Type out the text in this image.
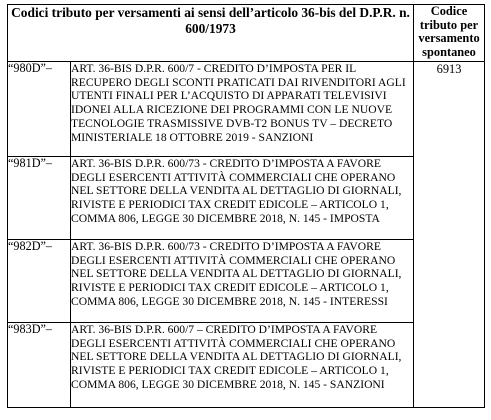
Codici tributo per versamenti ai sensi dell’articolo 36-bis del D.P.R. n. 600/1973		Codice tributo per versamento spontaneo
“980D”–	ART. 36-BIS D.P.R. 600/7 - CREDITO D’IMPOSTA PER IL RECUPERO DEGLI SCONTI PRATICATI DAI RIVENDITORI AGLI UTENTI FINALI PER L’ACQUISTO DI APPARATI TELEVISIVI IDONEI ALLA RICEZIONE DEI PROGRAMMI CON LE NUOVE TECNOLOGIE TRASMISSIVE DVB-T2 BONUS TV – DECRETO MINISTERIALE 18 OTTOBRE 2019 - SANZIONI	6913
“981D”–	ART. 36-BIS D.P.R. 600/73 - CREDITO D’IMPOSTA A FAVORE DEGLI ESERCENTI ATTIVITÀ COMMERCIALI CHE OPERANO NEL SETTORE DELLA VENDITA AL DETTAGLIO DI GIORNALI, RIVISTE E PERIODICI TAX CREDIT EDICOLE – ARTICOLO 1, COMMA 806, LEGGE 30 DICEMBRE 2018, N. 145 - IMPOSTA	
“982D”–	ART. 36-BIS D.P.R. 600/73 - CREDITO D’IMPOSTA A FAVORE DEGLI ESERCENTI ATTIVITÀ COMMERCIALI CHE OPERANO NEL SETTORE DELLA VENDITA AL DETTAGLIO DI GIORNALI, RIVISTE E PERIODICI TAX CREDIT EDICOLE – ARTICOLO 1, COMMA 806, LEGGE 30 DICEMBRE 2018, N. 145 - INTERESSI	
“983D”–	ART. 36-BIS D.P.R. 600/7 – CREDITO D’IMPOSTA A FAVORE DEGLI ESERCENTI ATTIVITÀ COMMERCIALI CHE OPERANO NEL SETTORE DELLA VENDITA AL DETTAGLIO DI GIORNALI, RIVISTE E PERIODICI TAX CREDIT EDICOLE – ARTICOLO 1, COMMA 806, LEGGE 30 DICEMBRE 2018, N. 145 - SANZIONI	
